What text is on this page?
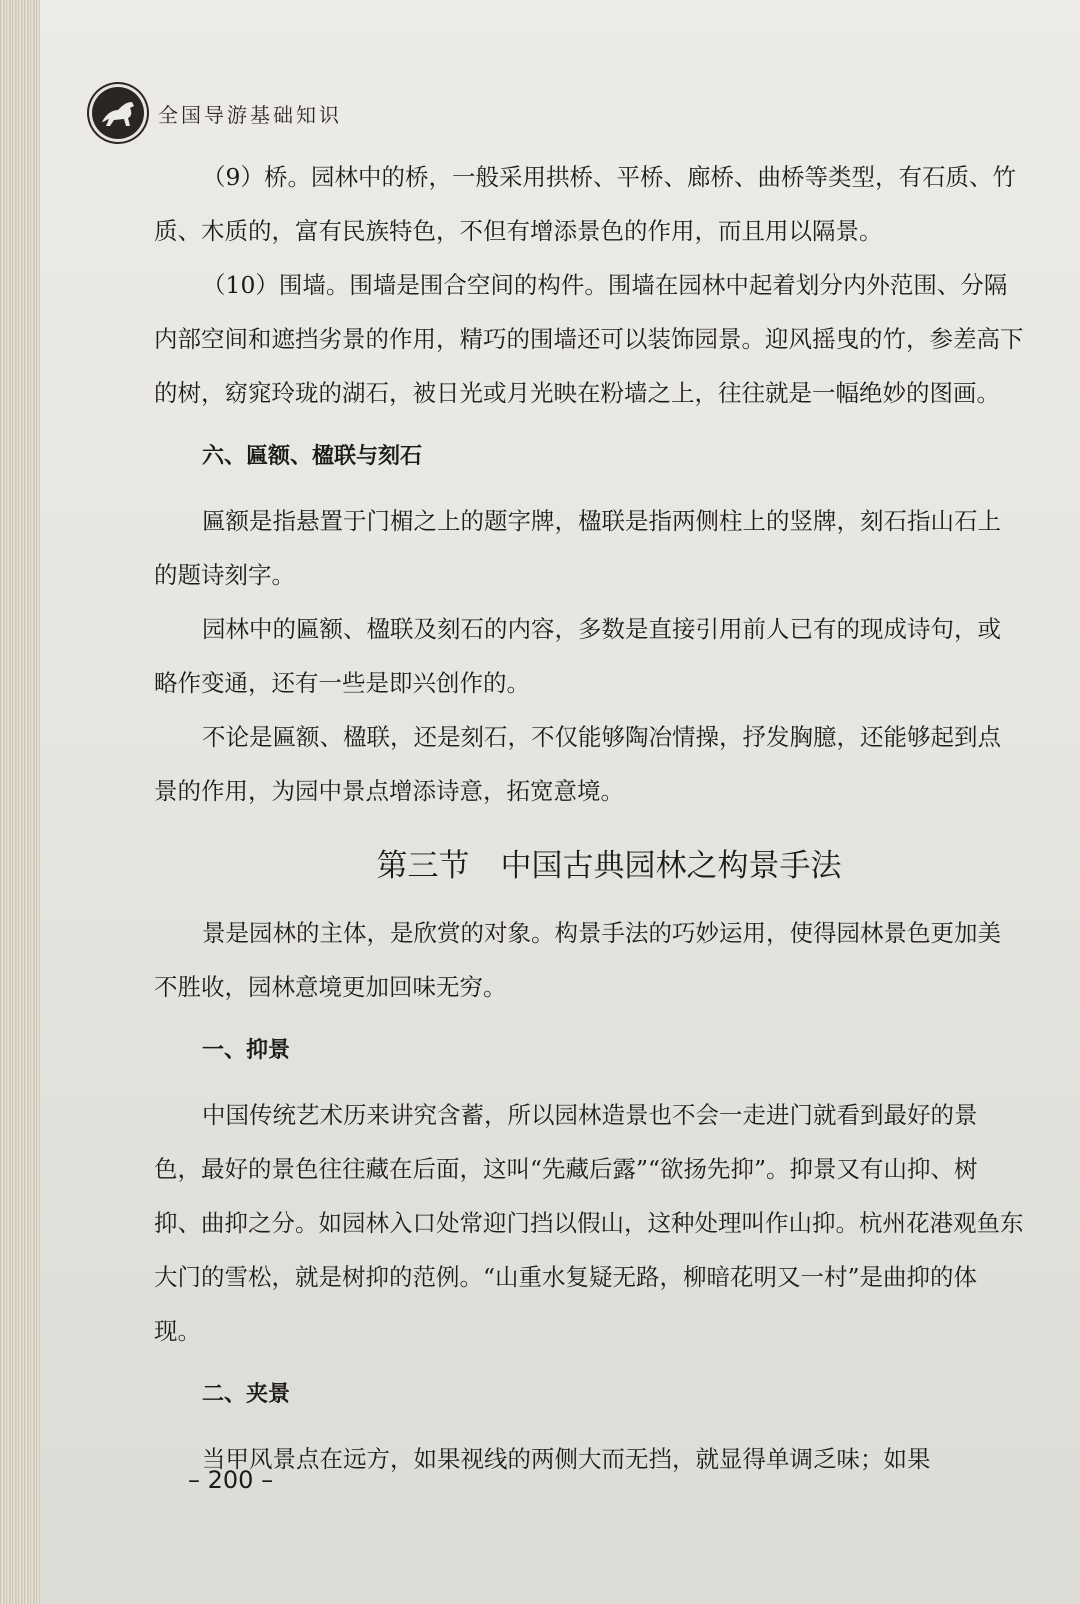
全国导游基础知识

（9）桥。园林中的桥，一般采用拱桥、平桥、廊桥、曲桥等类型，有石质、竹质、木质的，富有民族特色，不但有增添景色的作用，而且用以隔景。

（10）围墙。围墙是围合空间的构件。围墙在园林中起着划分内外范围、分隔内部空间和遮挡劣景的作用，精巧的围墙还可以装饰园景。迎风摇曳的竹，参差高下的树，窈窕玲珑的湖石，被日光或月光映在粉墙之上，往往就是一幅绝妙的图画。

六、匾额、楹联与刻石

匾额是指悬置于门楣之上的题字牌，楹联是指两侧柱上的竖牌，刻石指山石上的题诗刻字。

园林中的匾额、楹联及刻石的内容，多数是直接引用前人已有的现成诗句，或略作变通，还有一些是即兴创作的。

不论是匾额、楹联，还是刻石，不仅能够陶冶情操，抒发胸臆，还能够起到点景的作用，为园中景点增添诗意，拓宽意境。

第三节　中国古典园林之构景手法

景是园林的主体，是欣赏的对象。构景手法的巧妙运用，使得园林景色更加美不胜收，园林意境更加回味无穷。

一、抑景

中国传统艺术历来讲究含蓄，所以园林造景也不会一走进门就看到最好的景色，最好的景色往往藏在后面，这叫“先藏后露”“欲扬先抑”。抑景又有山抑、树抑、曲抑之分。如园林入口处常迎门挡以假山，这种处理叫作山抑。杭州花港观鱼东大门的雪松，就是树抑的范例。“山重水复疑无路，柳暗花明又一村”是曲抑的体现。

二、夹景

当甲风景点在远方，如果视线的两侧大而无挡，就显得单调乏味；如果

– 200 –
